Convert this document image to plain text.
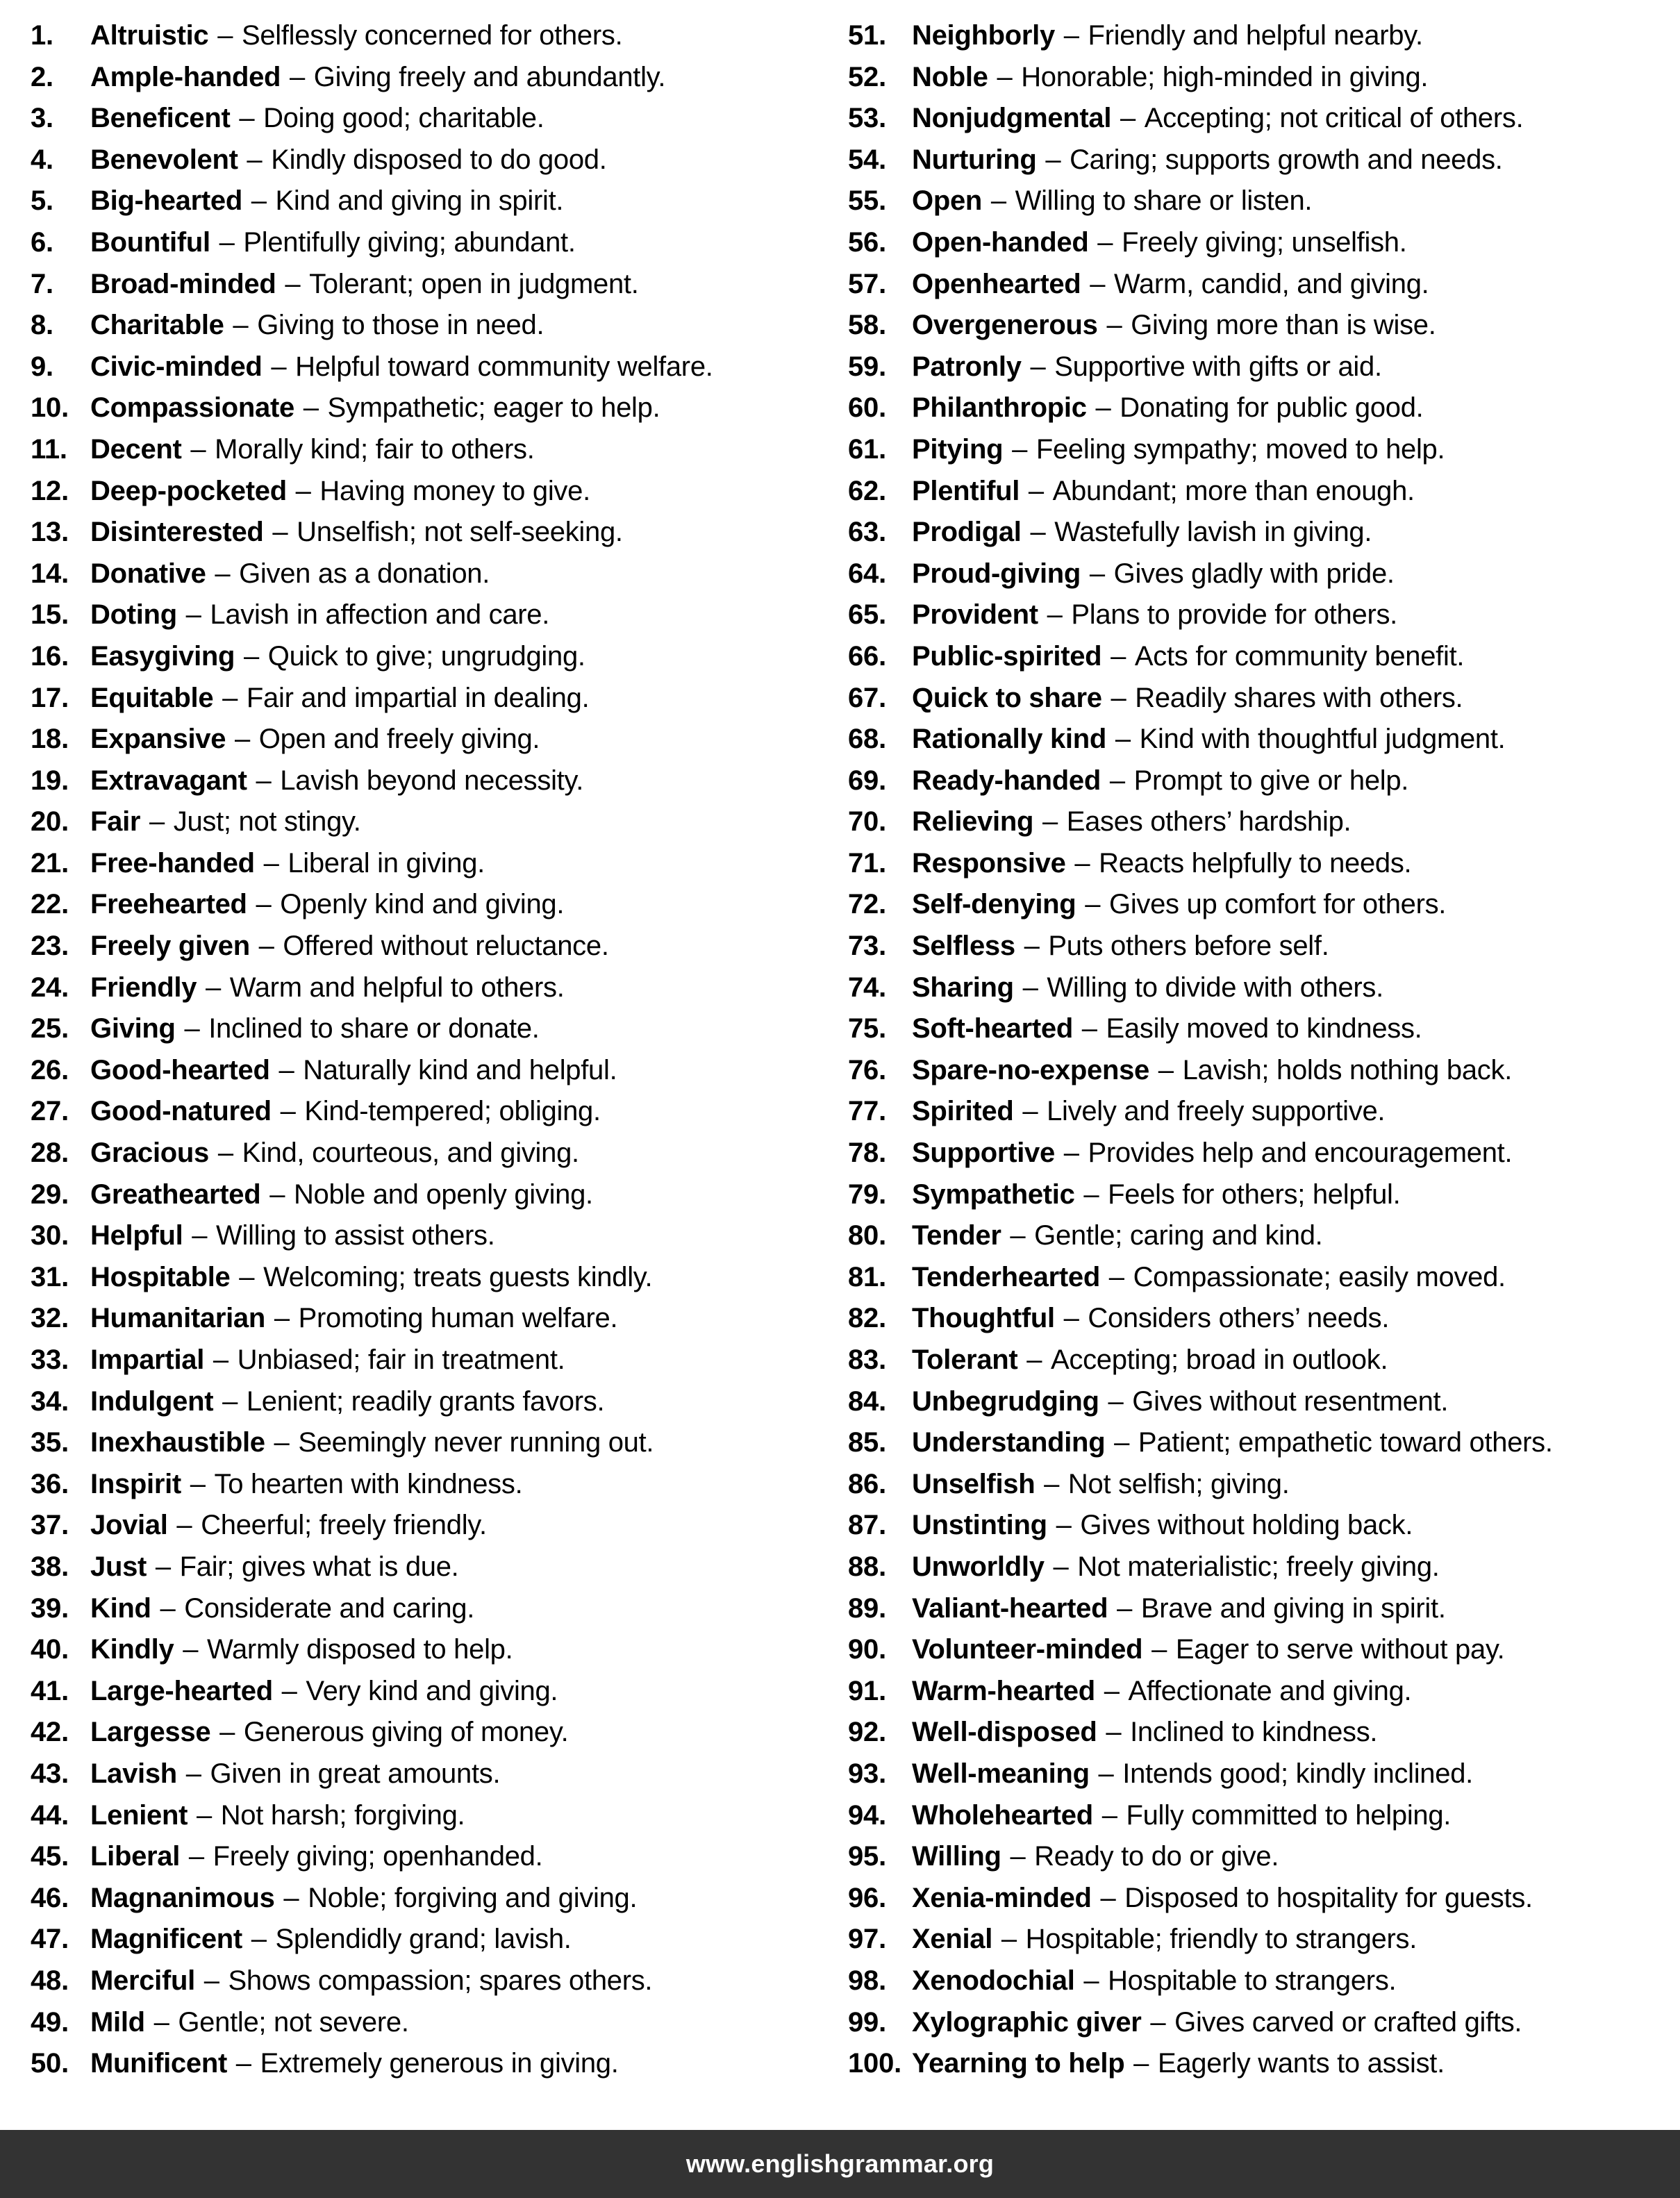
1.	Altruistic – Selflessly concerned for others.
2.	Ample-handed – Giving freely and abundantly.
3.	Beneficent – Doing good; charitable.
4.	Benevolent – Kindly disposed to do good.
5.	Big-hearted – Kind and giving in spirit.
6.	Bountiful – Plentifully giving; abundant.
7.	Broad-minded – Tolerant; open in judgment.
8.	Charitable – Giving to those in need.
9.	Civic-minded – Helpful toward community welfare.
10. Compassionate – Sympathetic; eager to help.
11. Decent – Morally kind; fair to others.
12. Deep-pocketed – Having money to give.
13. Disinterested – Unselfish; not self-seeking.
14. Donative – Given as a donation.
15. Doting – Lavish in affection and care.
16. Easygiving – Quick to give; ungrudging.
17. Equitable – Fair and impartial in dealing.
18. Expansive – Open and freely giving.
19. Extravagant – Lavish beyond necessity.
20. Fair – Just; not stingy.
21. Free-handed – Liberal in giving.
22. Freehearted – Openly kind and giving.
23. Freely given – Offered without reluctance.
24. Friendly – Warm and helpful to others.
25. Giving – Inclined to share or donate.
26. Good-hearted – Naturally kind and helpful.
27. Good-natured – Kind-tempered; obliging.
28. Gracious – Kind, courteous, and giving.
29. Greathearted – Noble and openly giving.
30. Helpful – Willing to assist others.
31. Hospitable – Welcoming; treats guests kindly.
32. Humanitarian – Promoting human welfare.
33. Impartial – Unbiased; fair in treatment.
34. Indulgent – Lenient; readily grants favors.
35. Inexhaustible – Seemingly never running out.
36. Inspirit – To hearten with kindness.
37. Jovial – Cheerful; freely friendly.
38. Just – Fair; gives what is due.
39. Kind – Considerate and caring.
40. Kindly – Warmly disposed to help.
41. Large-hearted – Very kind and giving.
42. Largesse – Generous giving of money.
43. Lavish – Given in great amounts.
44. Lenient – Not harsh; forgiving.
45. Liberal – Freely giving; openhanded.
46. Magnanimous – Noble; forgiving and giving.
47. Magnificent – Splendidly grand; lavish.
48. Merciful – Shows compassion; spares others.
49. Mild – Gentle; not severe.
50. Munificent – Extremely generous in giving.
51. Neighborly – Friendly and helpful nearby.
52. Noble – Honorable; high-minded in giving.
53. Nonjudgmental – Accepting; not critical of others.
54. Nurturing – Caring; supports growth and needs.
55. Open – Willing to share or listen.
56. Open-handed – Freely giving; unselfish.
57. Openhearted – Warm, candid, and giving.
58. Overgenerous – Giving more than is wise.
59. Patronly – Supportive with gifts or aid.
60. Philanthropic – Donating for public good.
61. Pitying – Feeling sympathy; moved to help.
62. Plentiful – Abundant; more than enough.
63. Prodigal – Wastefully lavish in giving.
64. Proud-giving – Gives gladly with pride.
65. Provident – Plans to provide for others.
66. Public-spirited – Acts for community benefit.
67. Quick to share – Readily shares with others.
68. Rationally kind – Kind with thoughtful judgment.
69. Ready-handed – Prompt to give or help.
70. Relieving – Eases others’ hardship.
71. Responsive – Reacts helpfully to needs.
72. Self-denying – Gives up comfort for others.
73. Selfless – Puts others before self.
74. Sharing – Willing to divide with others.
75. Soft-hearted – Easily moved to kindness.
76. Spare-no-expense – Lavish; holds nothing back.
77. Spirited – Lively and freely supportive.
78. Supportive – Provides help and encouragement.
79. Sympathetic – Feels for others; helpful.
80. Tender – Gentle; caring and kind.
81. Tenderhearted – Compassionate; easily moved.
82. Thoughtful – Considers others’ needs.
83. Tolerant – Accepting; broad in outlook.
84. Unbegrudging – Gives without resentment.
85. Understanding – Patient; empathetic toward others.
86. Unselfish – Not selfish; giving.
87. Unstinting – Gives without holding back.
88. Unworldly – Not materialistic; freely giving.
89. Valiant-hearted – Brave and giving in spirit.
90. Volunteer-minded – Eager to serve without pay.
91. Warm-hearted – Affectionate and giving.
92. Well-disposed – Inclined to kindness.
93. Well-meaning – Intends good; kindly inclined.
94. Wholehearted – Fully committed to helping.
95. Willing – Ready to do or give.
96. Xenia-minded – Disposed to hospitality for guests.
97. Xenial – Hospitable; friendly to strangers.
98. Xenodochial – Hospitable to strangers.
99. Xylographic giver – Gives carved or crafted gifts.
100. Yearning to help – Eagerly wants to assist.
www.englishgrammar.org
